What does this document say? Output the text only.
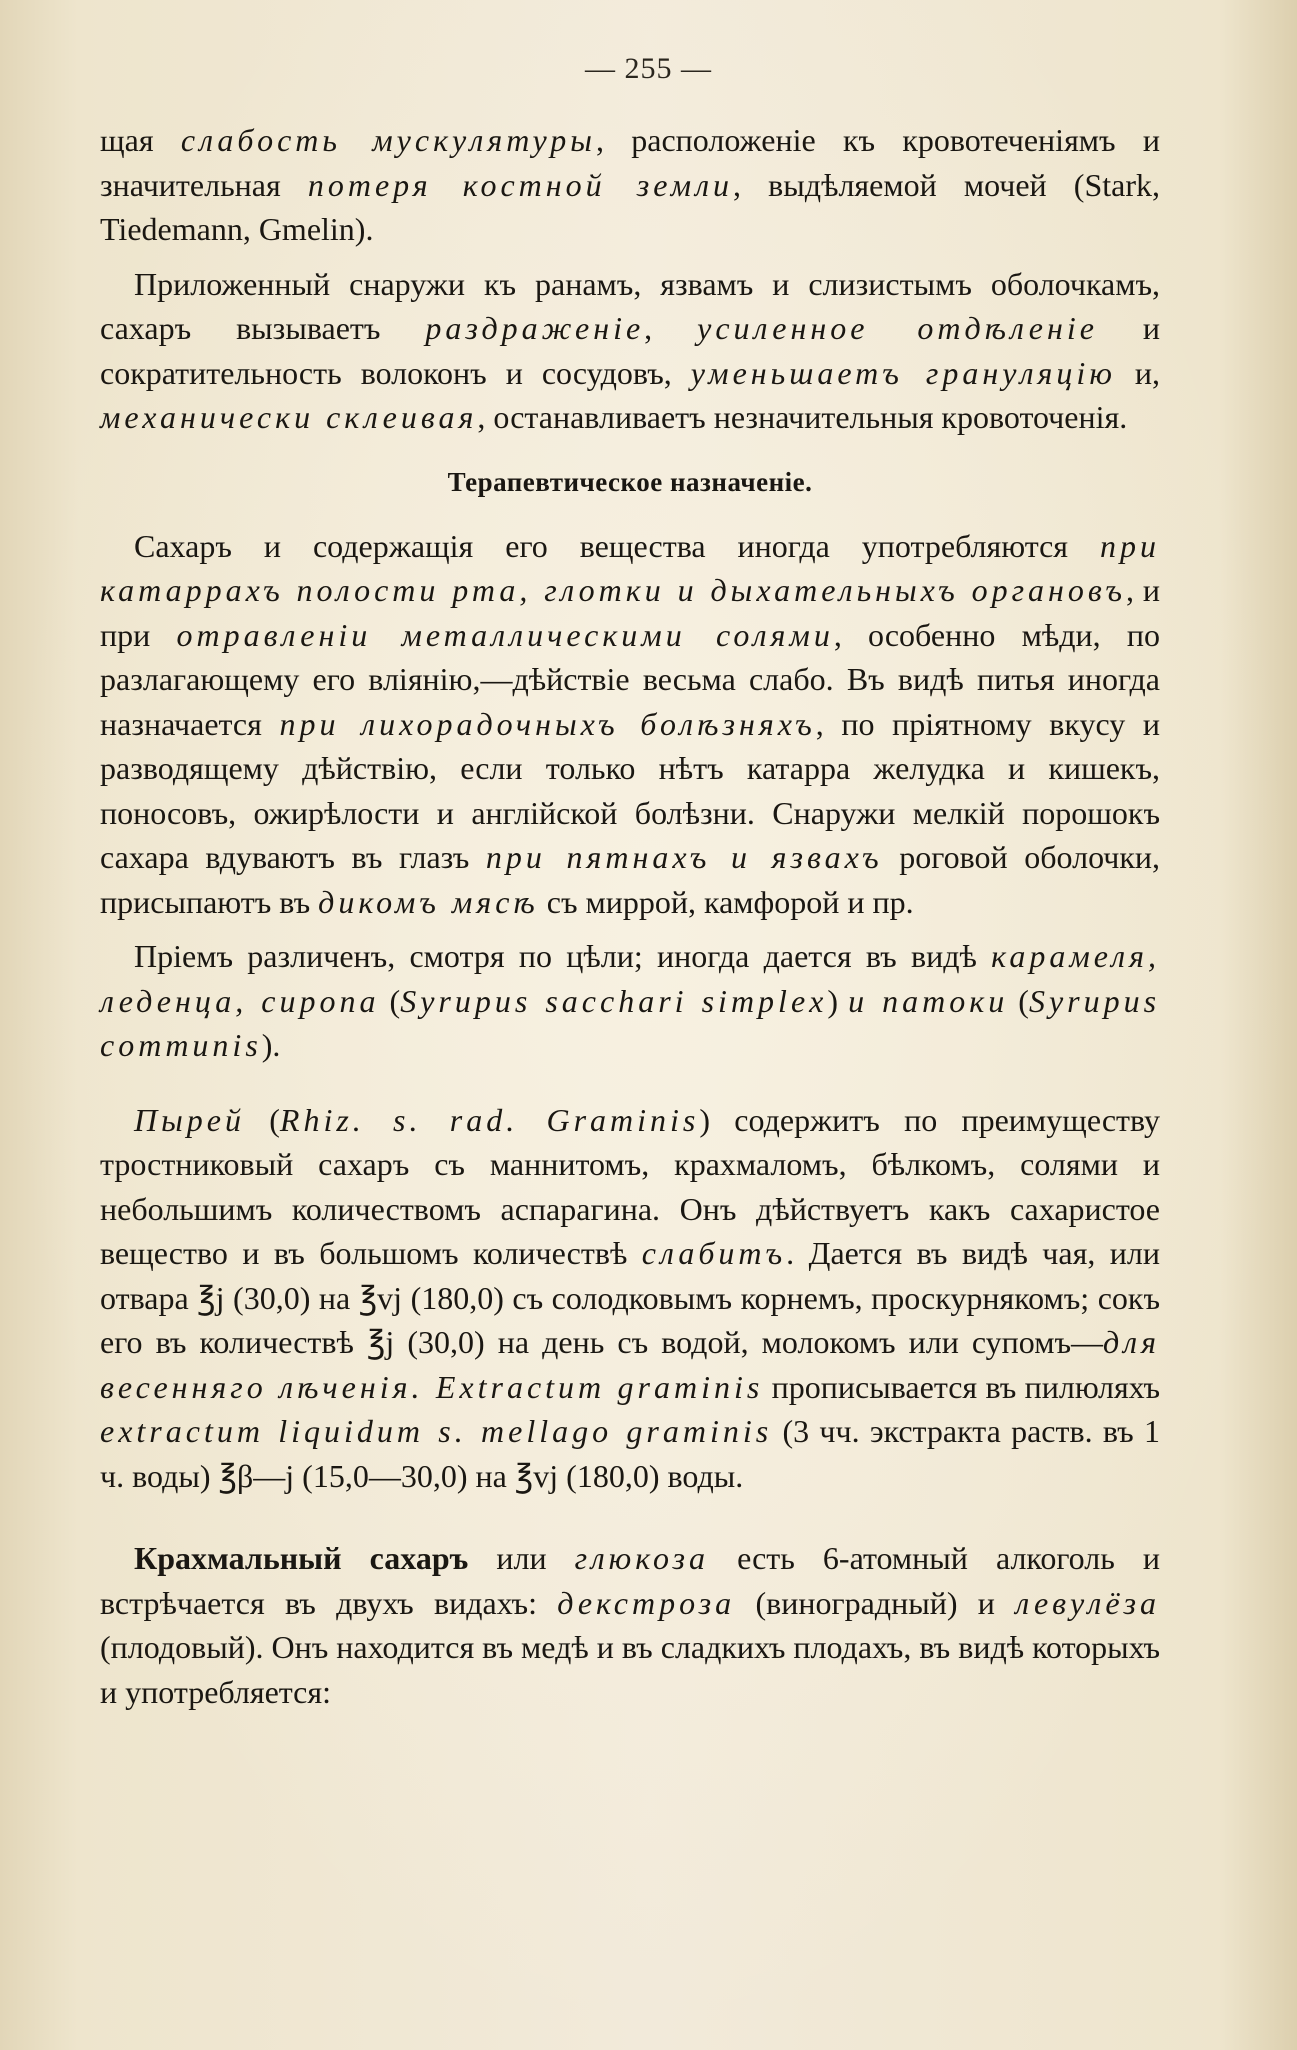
— 255 —

щая слабость мускулятуры, расположеніе къ кровотеченіямъ и значительная потеря костной земли, выдѣляемой мочей (Stark, Tiedemann, Gmelin).

Приложенный снаружи къ ранамъ, язвамъ и слизистымъ оболочкамъ, сахаръ вызываетъ раздраженіе, усиленное отдѣленіе и сократительность волоконъ и сосудовъ, уменьшаетъ грануляцію и, механически склеивая, останавливаетъ незначительныя кровоточенія.

Терапевтическое назначеніе.

Сахаръ и содержащія его вещества иногда употребляются при катаррахъ полости рта, глотки и дыхательныхъ органовъ, и при отравленіи металлическими солями, особенно мѣди, по разлагающему его вліянію,—дѣйствіе весьма слабо. Въ видѣ питья иногда назначается при лихорадочныхъ болѣзняхъ, по пріятному вкусу и разводящему дѣйствію, если только нѣтъ катарра желудка и кишекъ, поносовъ, ожирѣлости и англійской болѣзни. Снаружи мелкій порошокъ сахара вдуваютъ въ глазъ при пятнахъ и язвахъ роговой оболочки, присыпаютъ въ дикомъ мясѣ съ миррой, камфорой и пр.

Пріемъ различенъ, смотря по цѣли; иногда дается въ видѣ карамеля, леденца, сиропа (Syrupus sacchari simplex) и патоки (Syrupus communis).

Пырей (Rhiz. s. rad. Graminis) содержитъ по преимуществу тростниковый сахаръ съ маннитомъ, крахмаломъ, бѣлкомъ, солями и небольшимъ количествомъ аспарагина. Онъ дѣйствуетъ какъ сахаристое вещество и въ большомъ количествѣ слабитъ. Дается въ видѣ чая, или отвара ℥j (30,0) на ℥vj (180,0) съ солодковымъ корнемъ, проскурнякомъ; сокъ его въ количествѣ ℥j (30,0) на день съ водой, молокомъ или супомъ—для весенняго лѣченія. Extractum graminis прописывается въ пилюляхъ extractum liquidum s. mellago graminis (3 чч. экстракта раств. въ 1 ч. воды) ℥β—j (15,0—30,0) на ℥vj (180,0) воды.

Крахмальный сахаръ или глюкоза есть 6-атомный алкоголь и встрѣчается въ двухъ видахъ: декстроза (виноградный) и левулёза (плодовый). Онъ находится въ медѣ и въ сладкихъ плодахъ, въ видѣ которыхъ и употребляется:
